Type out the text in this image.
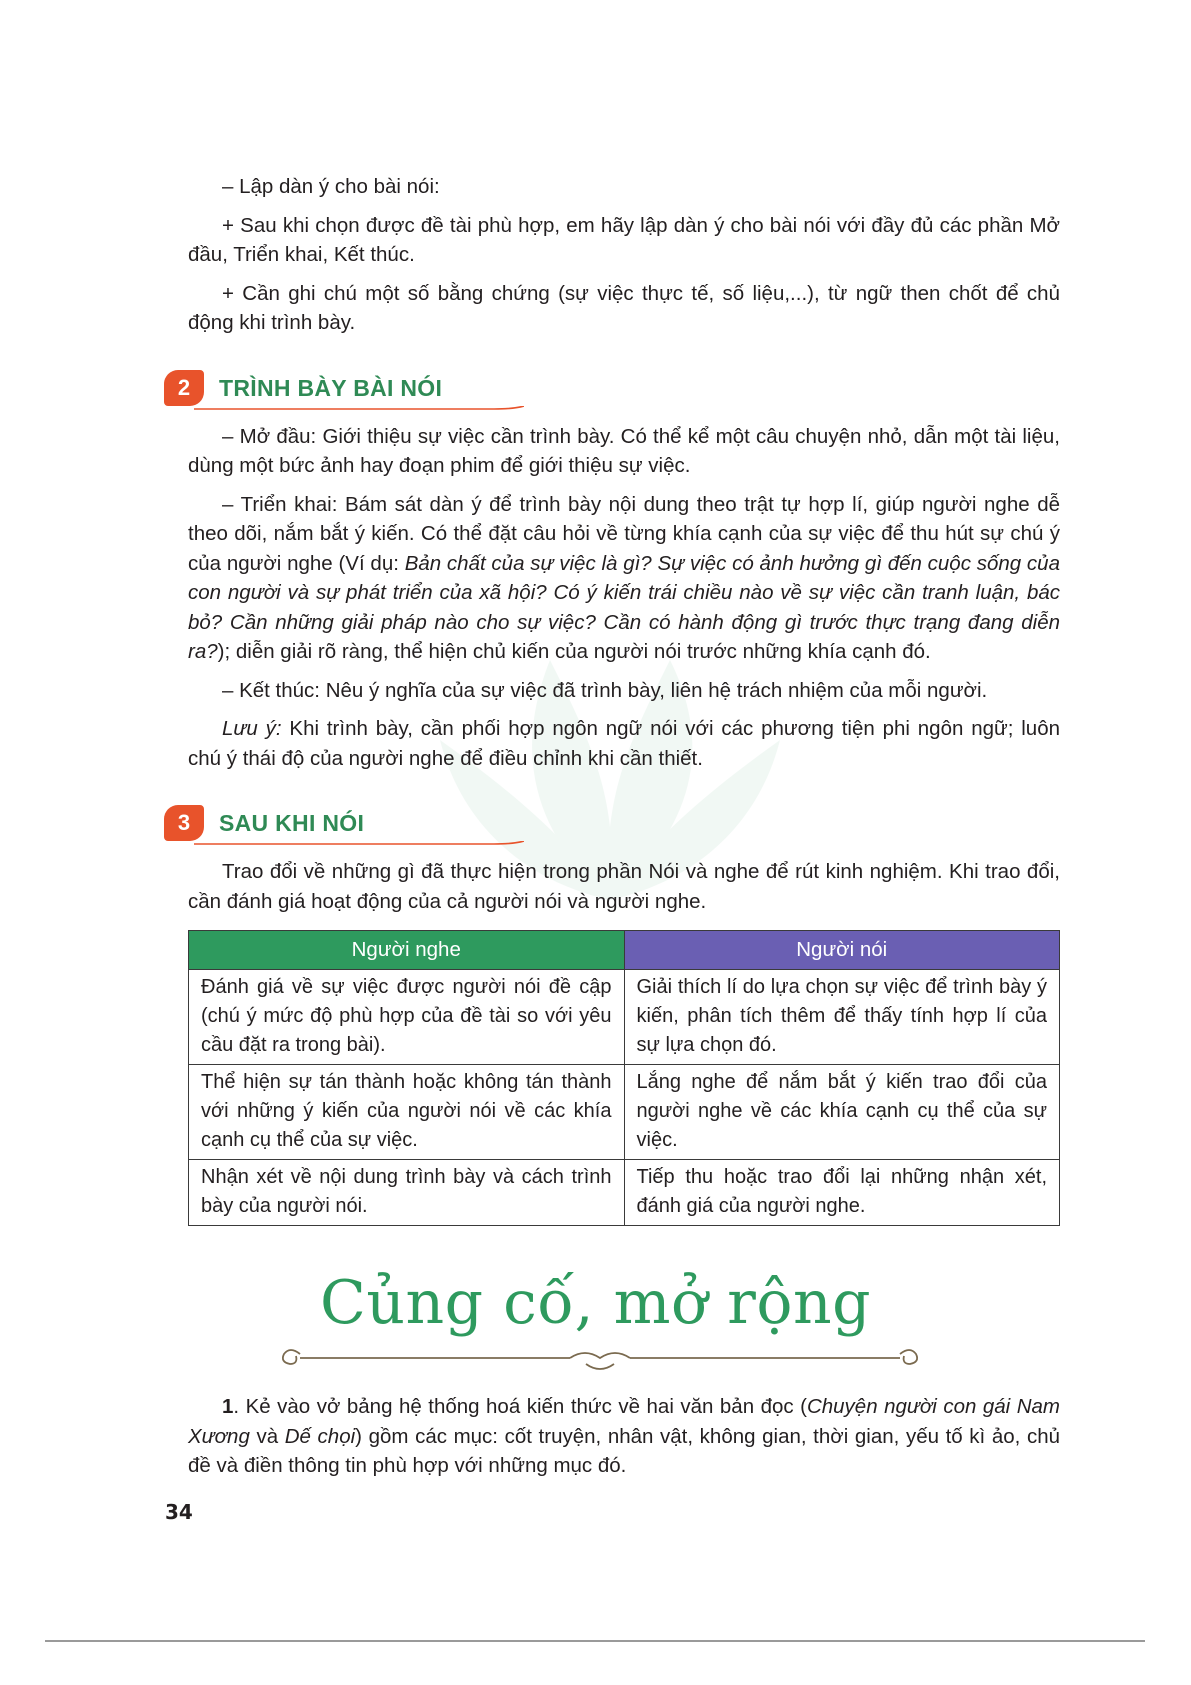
– Lập dàn ý cho bài nói:

+ Sau khi chọn được đề tài phù hợp, em hãy lập dàn ý cho bài nói với đầy đủ các phần Mở đầu, Triển khai, Kết thúc.

+ Cần ghi chú một số bằng chứng (sự việc thực tế, số liệu,...), từ ngữ then chốt để chủ động khi trình bày.

2	TRÌNH BÀY BÀI NÓI

– Mở đầu: Giới thiệu sự việc cần trình bày. Có thể kể một câu chuyện nhỏ, dẫn một tài liệu, dùng một bức ảnh hay đoạn phim để giới thiệu sự việc.

– Triển khai: Bám sát dàn ý để trình bày nội dung theo trật tự hợp lí, giúp người nghe dễ theo dõi, nắm bắt ý kiến. Có thể đặt câu hỏi về từng khía cạnh của sự việc để thu hút sự chú ý của người nghe (Ví dụ: Bản chất của sự việc là gì? Sự việc có ảnh hưởng gì đến cuộc sống của con người và sự phát triển của xã hội? Có ý kiến trái chiều nào về sự việc cần tranh luận, bác bỏ? Cần những giải pháp nào cho sự việc? Cần có hành động gì trước thực trạng đang diễn ra?); diễn giải rõ ràng, thể hiện chủ kiến của người nói trước những khía cạnh đó.

– Kết thúc: Nêu ý nghĩa của sự việc đã trình bày, liên hệ trách nhiệm của mỗi người.

Lưu ý: Khi trình bày, cần phối hợp ngôn ngữ nói với các phương tiện phi ngôn ngữ; luôn chú ý thái độ của người nghe để điều chỉnh khi cần thiết.

3	SAU KHI NÓI

Trao đổi về những gì đã thực hiện trong phần Nói và nghe để rút kinh nghiệm. Khi trao đổi, cần đánh giá hoạt động của cả người nói và người nghe.

Người nghe	Người nói
Đánh giá về sự việc được người nói đề cập (chú ý mức độ phù hợp của đề tài so với yêu cầu đặt ra trong bài).	Giải thích lí do lựa chọn sự việc để trình bày ý kiến, phân tích thêm để thấy tính hợp lí của sự lựa chọn đó.
Thể hiện sự tán thành hoặc không tán thành với những ý kiến của người nói về các khía cạnh cụ thể của sự việc.	Lắng nghe để nắm bắt ý kiến trao đổi của người nghe về các khía cạnh cụ thể của sự việc.
Nhận xét về nội dung trình bày và cách trình bày của người nói.	Tiếp thu hoặc trao đổi lại những nhận xét, đánh giá của người nghe.
Củng cố, mở rộng

1. Kẻ vào vở bảng hệ thống hoá kiến thức về hai văn bản đọc (Chuyện người con gái Nam Xương và Dế chọi) gồm các mục: cốt truyện, nhân vật, không gian, thời gian, yếu tố kì ảo, chủ đề và điền thông tin phù hợp với những mục đó.

34
